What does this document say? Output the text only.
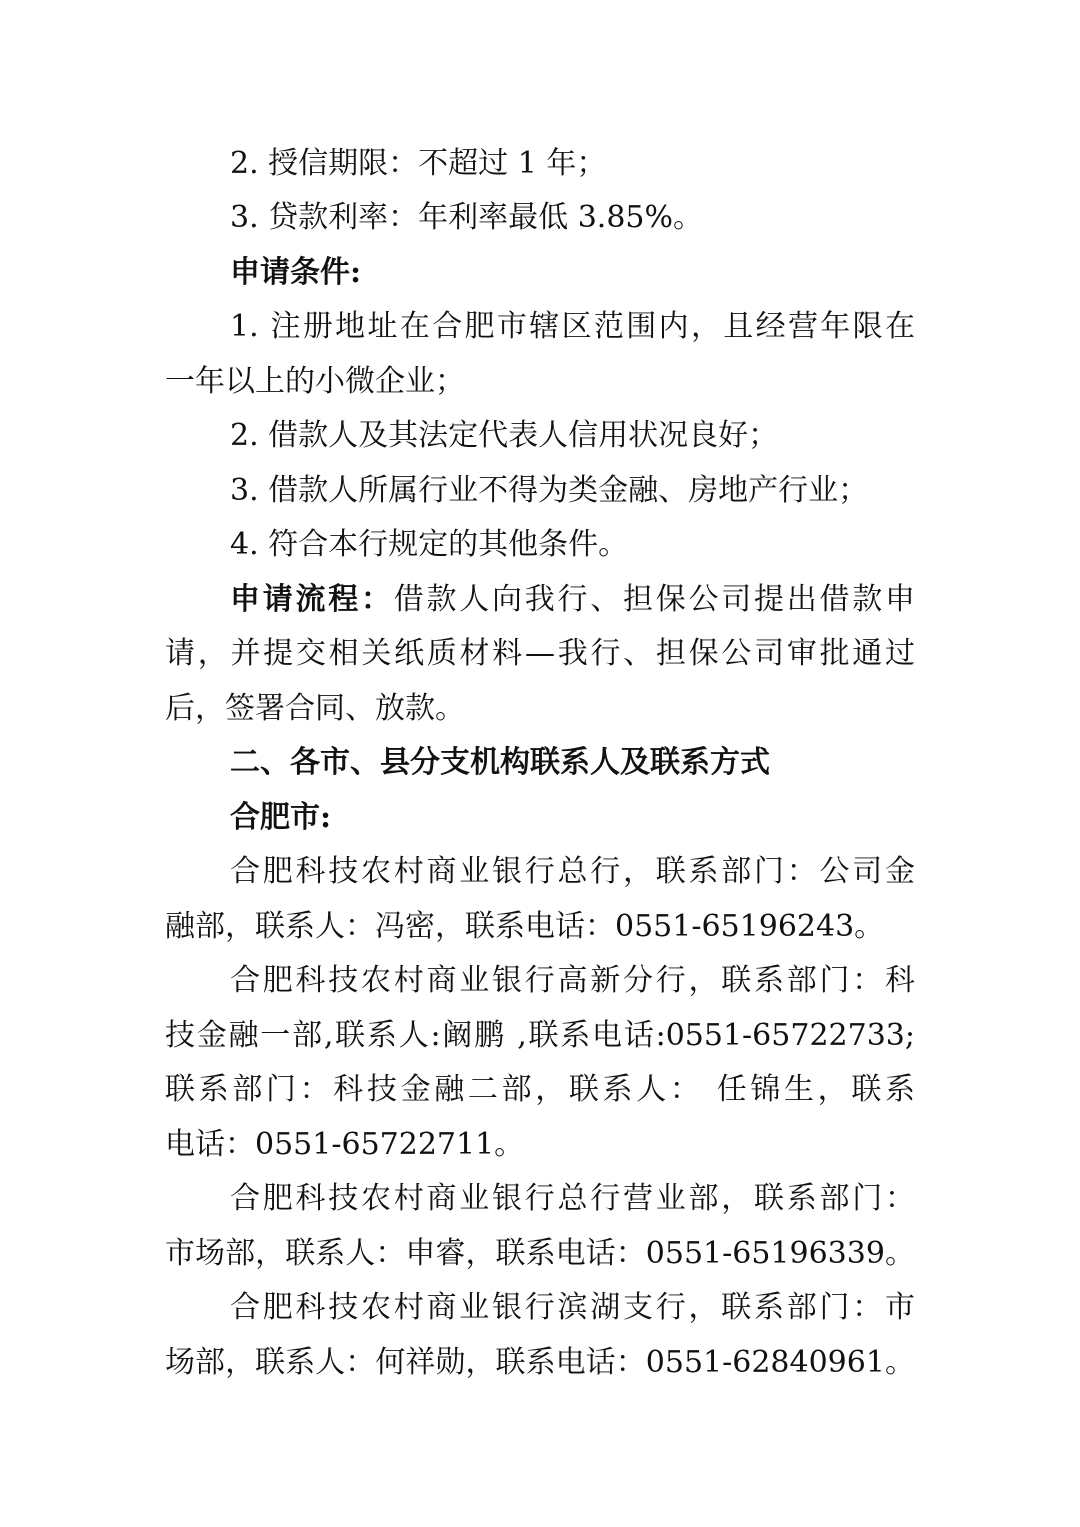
2. 授信期限：不超过 1 年；

3. 贷款利率：年利率最低 3.85%。

申请条件:

1. 注册地址在合肥市辖区范围内，且经营年限在

一年以上的小微企业；

2. 借款人及其法定代表人信用状况良好；

3. 借款人所属行业不得为类金融、房地产行业；

4. 符合本行规定的其他条件。

申请流程：借款人向我行、担保公司提出借款申

请，并提交相关纸质材料—我行、担保公司审批通过

后，签署合同、放款。

二、各市、县分支机构联系人及联系方式

合肥市:

合肥科技农村商业银行总行，联系部门：公司金

融部，联系人：冯密，联系电话：0551-65196243。

合肥科技农村商业银行高新分行，联系部门：科

技金融一部,联系人:阚鹏 ,联系电话:0551-65722733;

联系部门：科技金融二部，联系人： 任锦生，联系

电话：0551-65722711。

合肥科技农村商业银行总行营业部，联系部门：

市场部，联系人：申睿，联系电话：0551-65196339。

合肥科技农村商业银行滨湖支行，联系部门：市

场部，联系人：何祥勋，联系电话：0551-62840961。
